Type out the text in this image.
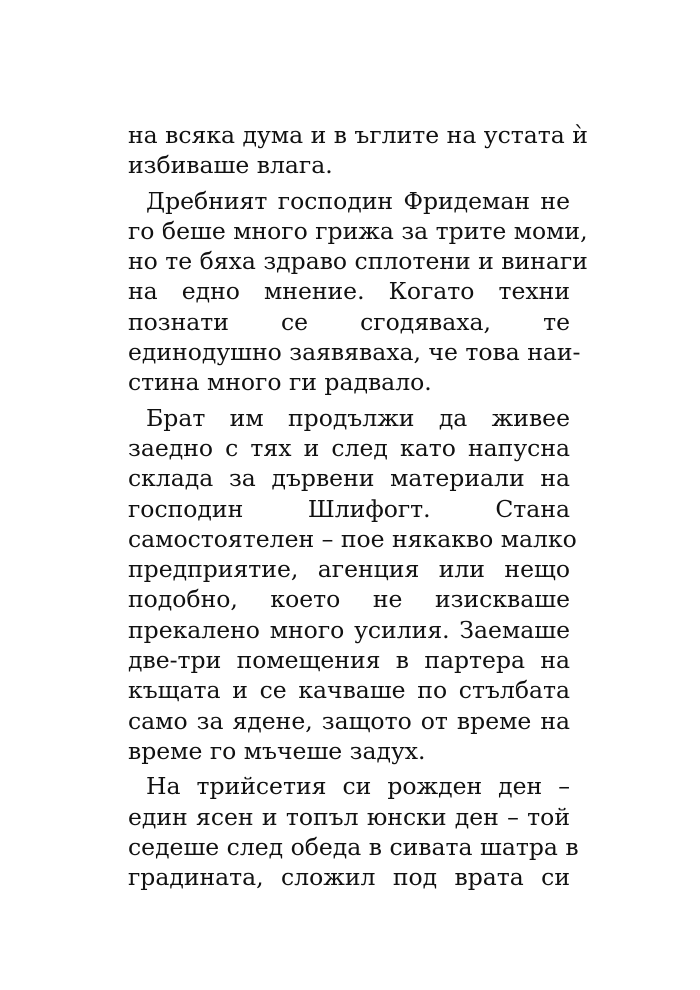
на всяка дума и в ъглите на устата ѝ
избиваше влага.
Дребният господин Фридеман не
го беше много грижа за трите моми,
но те бяха здраво сплотени и винаги
на едно мнение. Когато техни
познати се сгодяваха, те
единодушно заявяваха, че това наи-
стина много ги радвало.
Брат им продължи да живее
заедно с тях и след като напусна
склада за дървени материали на
господин Шлифогт. Стана
самостоятелен – пое някакво малко
предприятие, агенция или нещо
подобно, което не изискваше
прекалено много усилия. Заемаше
две-три помещения в партера на
къщата и се качваше по стълбата
само за ядене, защото от време на
време го мъчеше задух.
На трийсетия си рожден ден –
един ясен и топъл юнски ден – той
седеше след обеда в сивата шатра в
градината, сложил под врата си
